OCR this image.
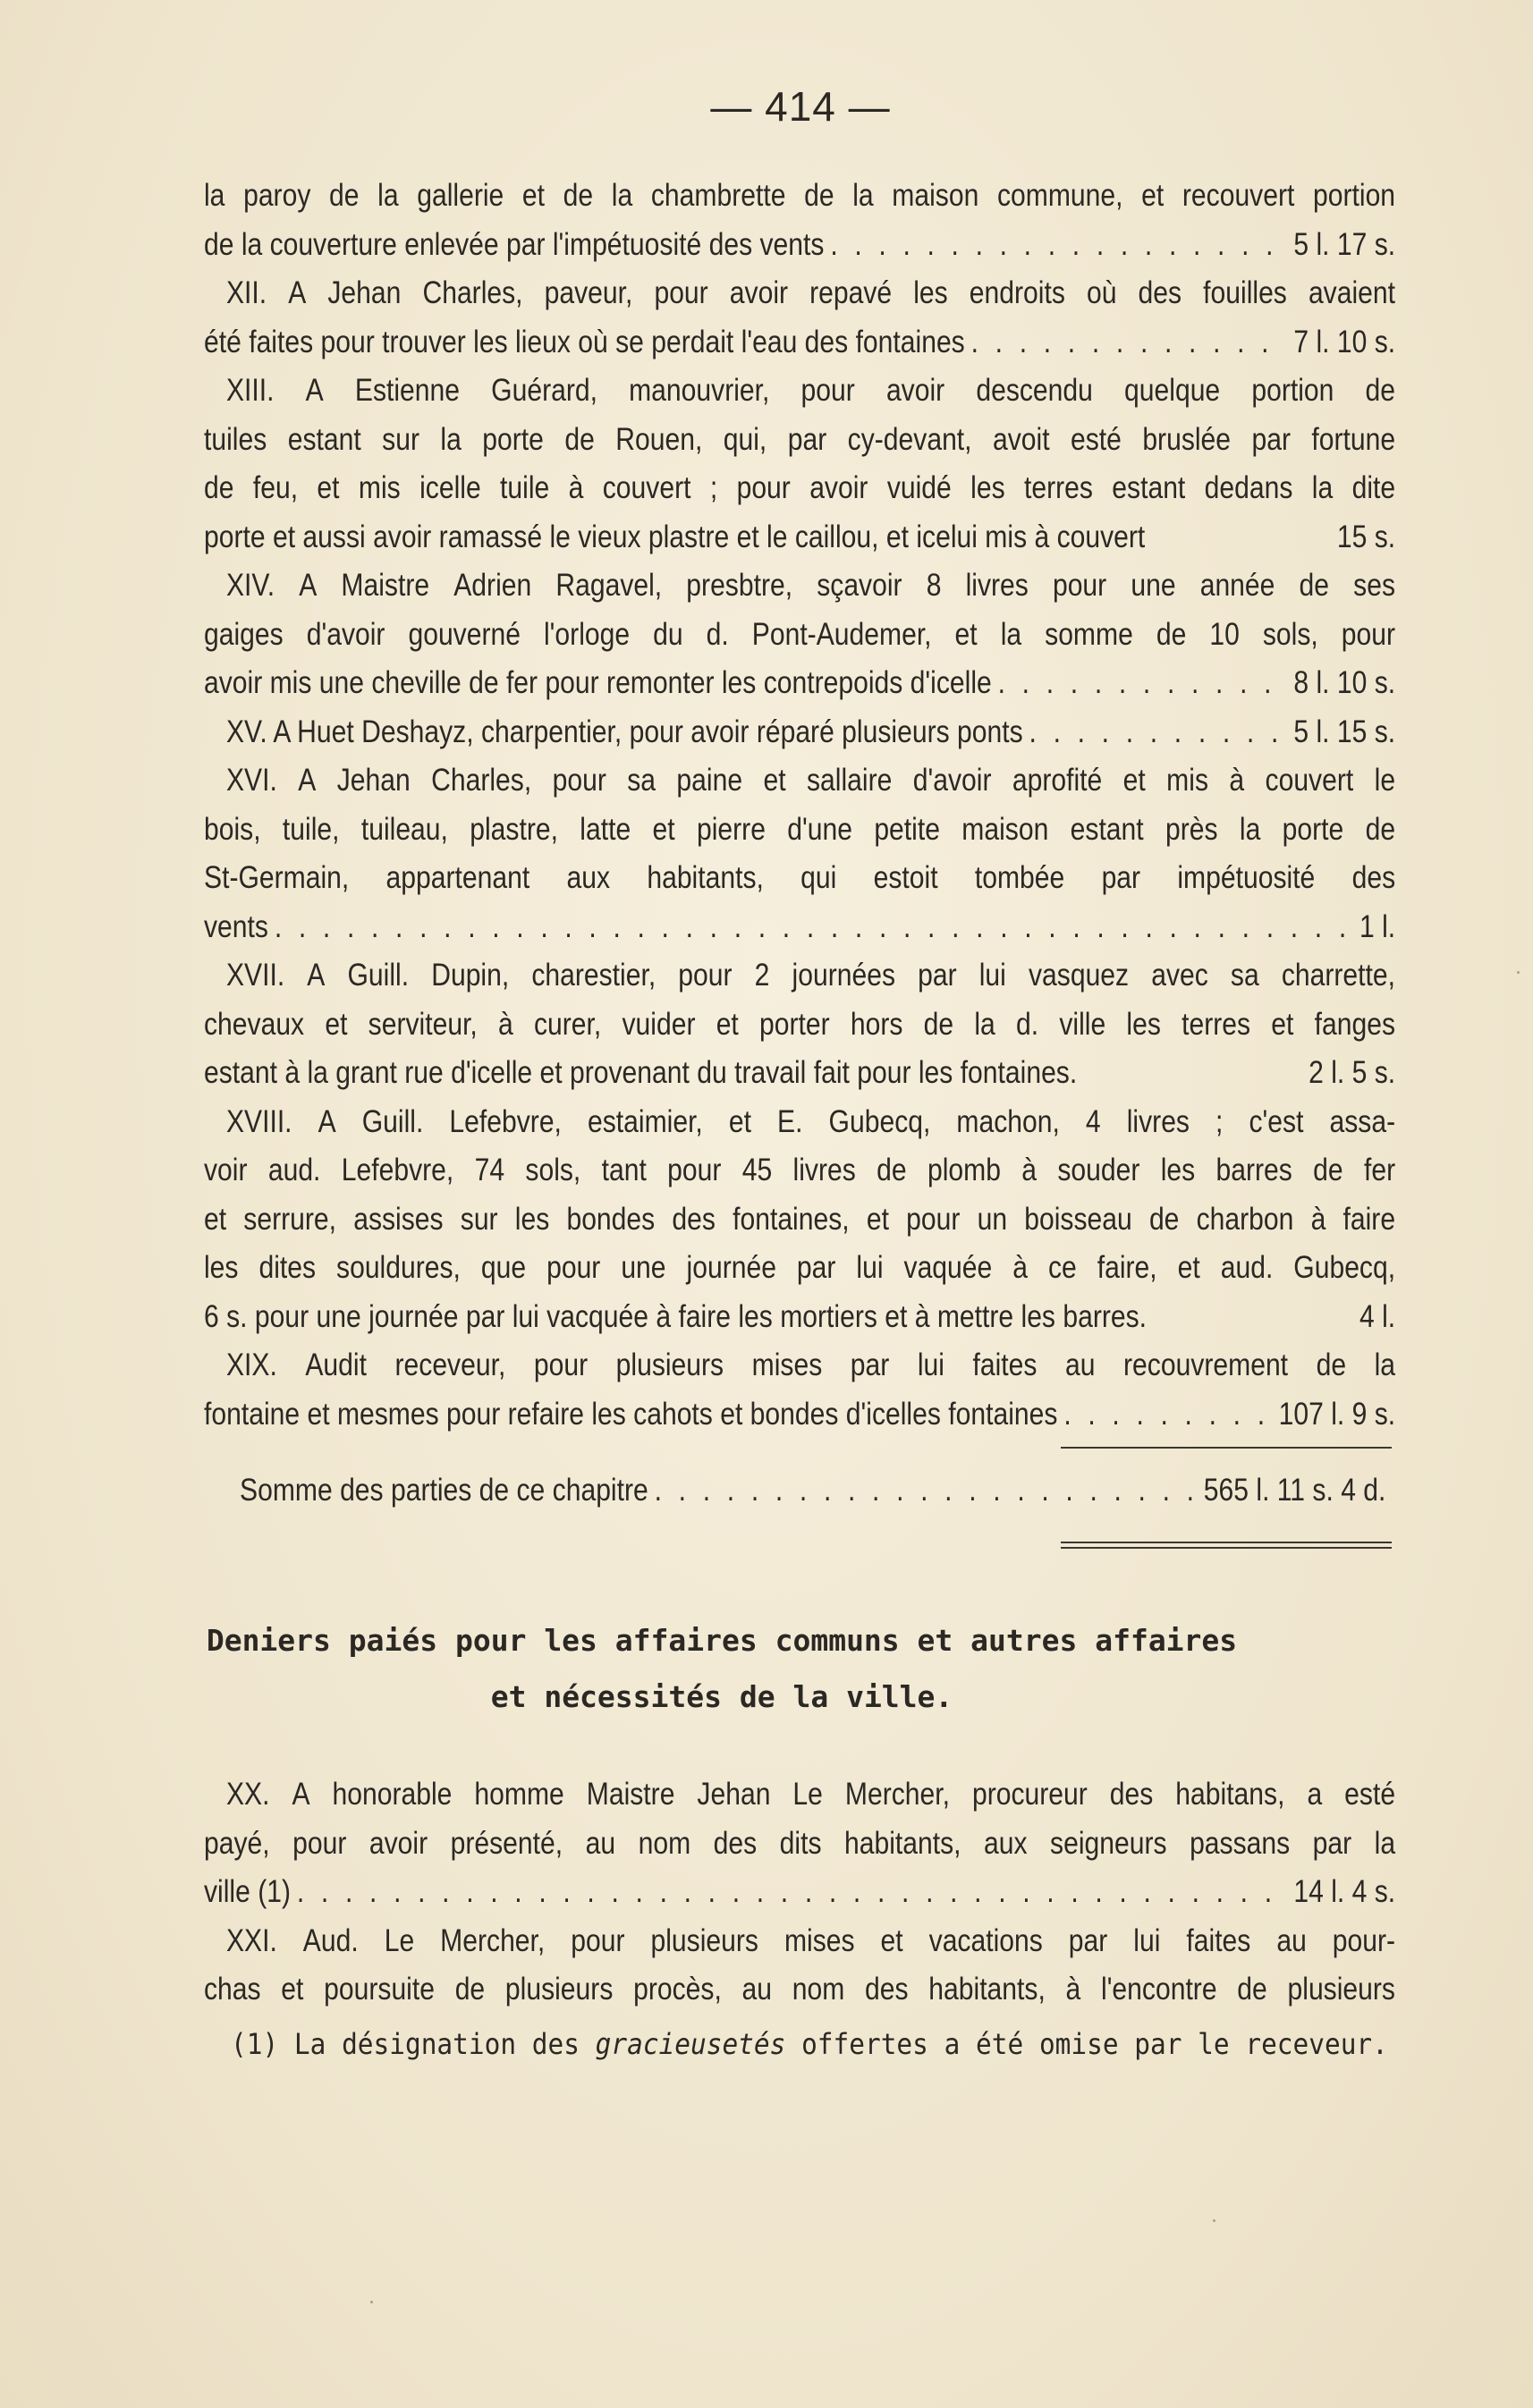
— 414 —
la paroy de la gallerie et de la chambrette de la maison commune, et recouvert portion
de la couverture enlevée par l'impétuosité des vents . . .	5 l. 17 s.
XII. A Jehan Charles, paveur, pour avoir repavé les endroits où des fouilles avaient
été faites pour trouver les lieux où se perdait l'eau des fontaines . . .	7 l. 10 s.
XIII. A Estienne Guérard, manouvrier, pour avoir descendu quelque portion de
tuiles estant sur la porte de Rouen, qui, par cy-devant, avoit esté bruslée par fortune
de feu, et mis icelle tuile à couvert ; pour avoir vuidé les terres estant dedans la dite
porte et aussi avoir ramassé le vieux plastre et le caillou, et icelui mis à couvert	15 s.
XIV. A Maistre Adrien Ragavel, presbtre, sçavoir 8 livres pour une année de ses
gaiges d'avoir gouverné l'orloge du d. Pont-Audemer, et la somme de 10 sols, pour
avoir mis une cheville de fer pour remonter les contrepoids d'icelle . . .	8 l. 10 s.
XV. A Huet Deshayz, charpentier, pour avoir réparé plusieurs ponts . . .	5 l. 15 s.
XVI. A Jehan Charles, pour sa paine et sallaire d'avoir aprofité et mis à couvert le
bois, tuile, tuileau, plastre, latte et pierre d'une petite maison estant près la porte de
St-Germain, appartenant aux habitants, qui estoit tombée par impétuosité des
vents . . .	1 l.
XVII. A Guill. Dupin, charestier, pour 2 journées par lui vasquez avec sa charrette,
chevaux et serviteur, à curer, vuider et porter hors de la d. ville les terres et fanges
estant à la grant rue d'icelle et provenant du travail fait pour les fontaines.	2 l. 5 s.
XVIII. A Guill. Lefebvre, estaimier, et E. Gubecq, machon, 4 livres ; c'est assa-
voir aud. Lefebvre, 74 sols, tant pour 45 livres de plomb à souder les barres de fer
et serrure, assises sur les bondes des fontaines, et pour un boisseau de charbon à faire
les dites souldures, que pour une journée par lui vaquée à ce faire, et aud. Gubecq,
6 s. pour une journée par lui vacquée à faire les mortiers et à mettre les barres.	4 l.
XIX. Audit receveur, pour plusieurs mises par lui faites au recouvrement de la
fontaine et mesmes pour refaire les cahots et bondes d'icelles fontaines . . .	107 l. 9 s.
Somme des parties de ce chapitre . . .	565 l. 11 s. 4 d.
Deniers paiés pour les affaires communs et autres affaires
et nécessités de la ville.
XX. A honorable homme Maistre Jehan Le Mercher, procureur des habitans, a esté
payé, pour avoir présenté, au nom des dits habitants, aux seigneurs passans par la
ville (1) . . .	14 l. 4 s.
XXI. Aud. Le Mercher, pour plusieurs mises et vacations par lui faites au pour-
chas et poursuite de plusieurs procès, au nom des habitants, à l'encontre de plusieurs
(1) La désignation des gracieusetés offertes a été omise par le receveur.
